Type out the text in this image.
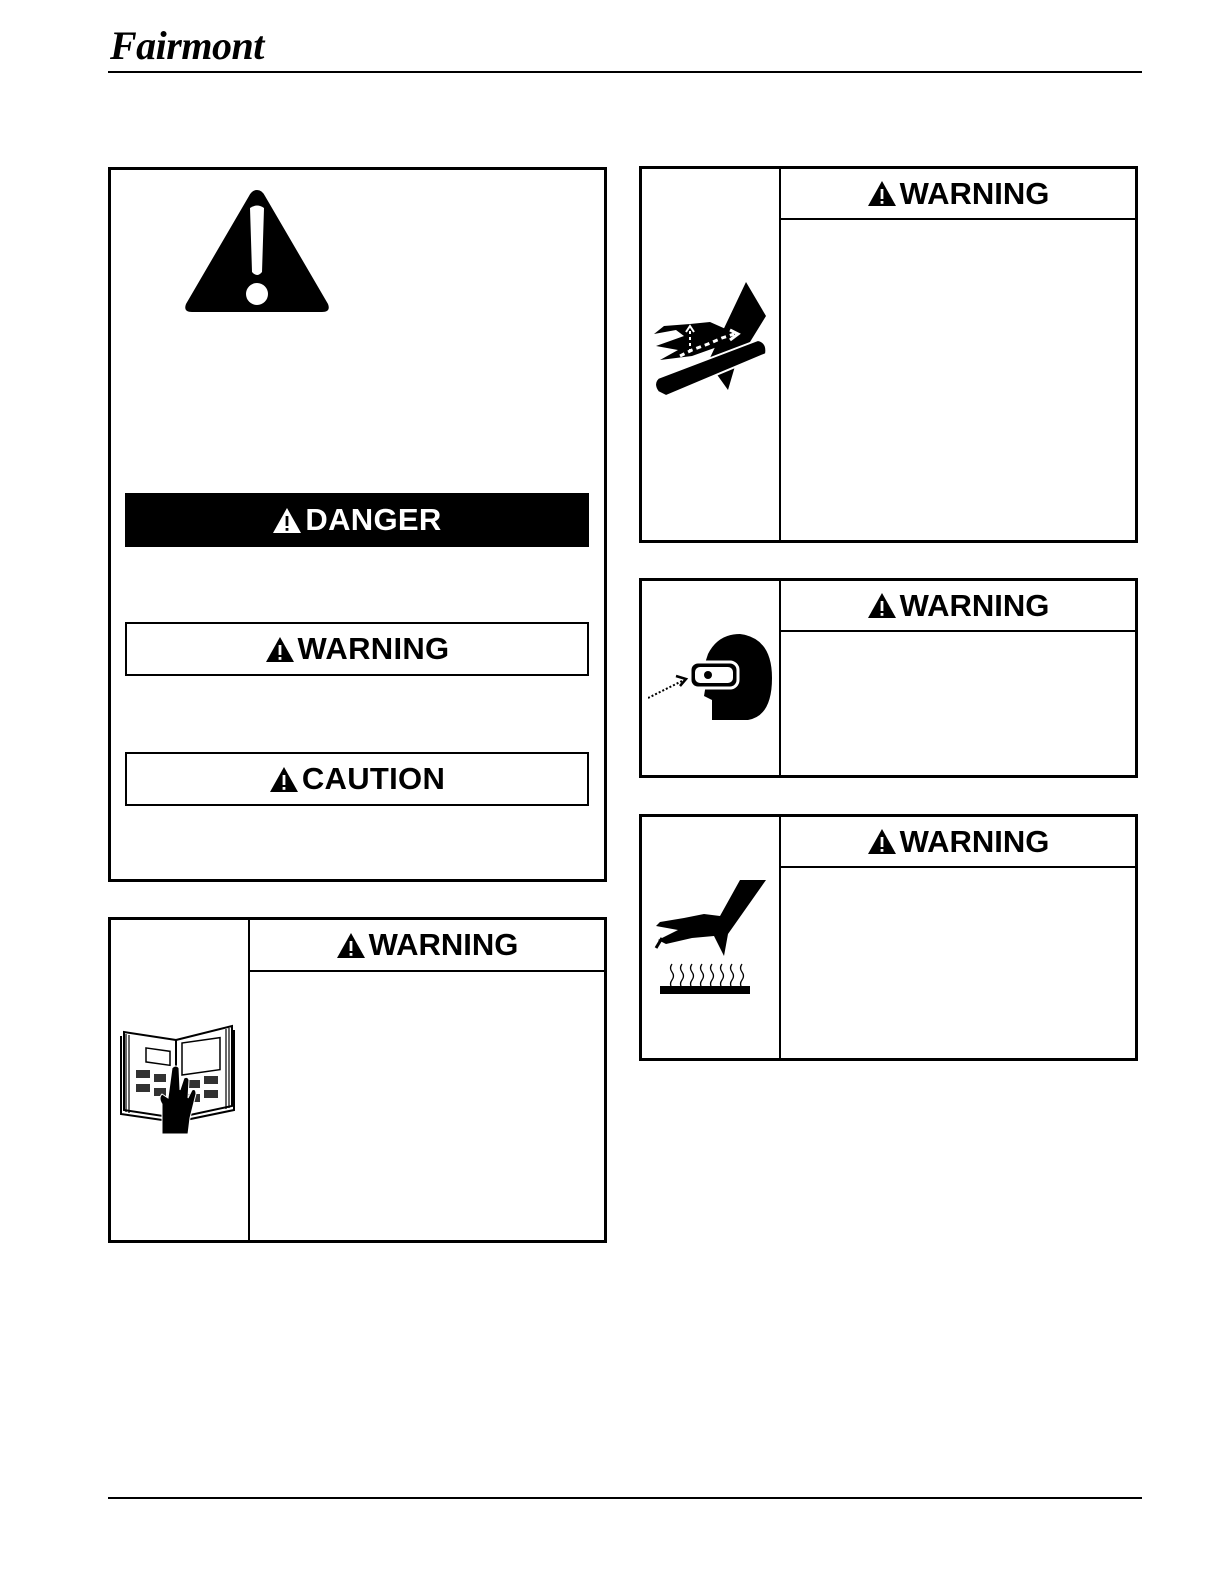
Fairmont
DANGER
WARNING
CAUTION
WARNING
WARNING
WARNING
WARNING
